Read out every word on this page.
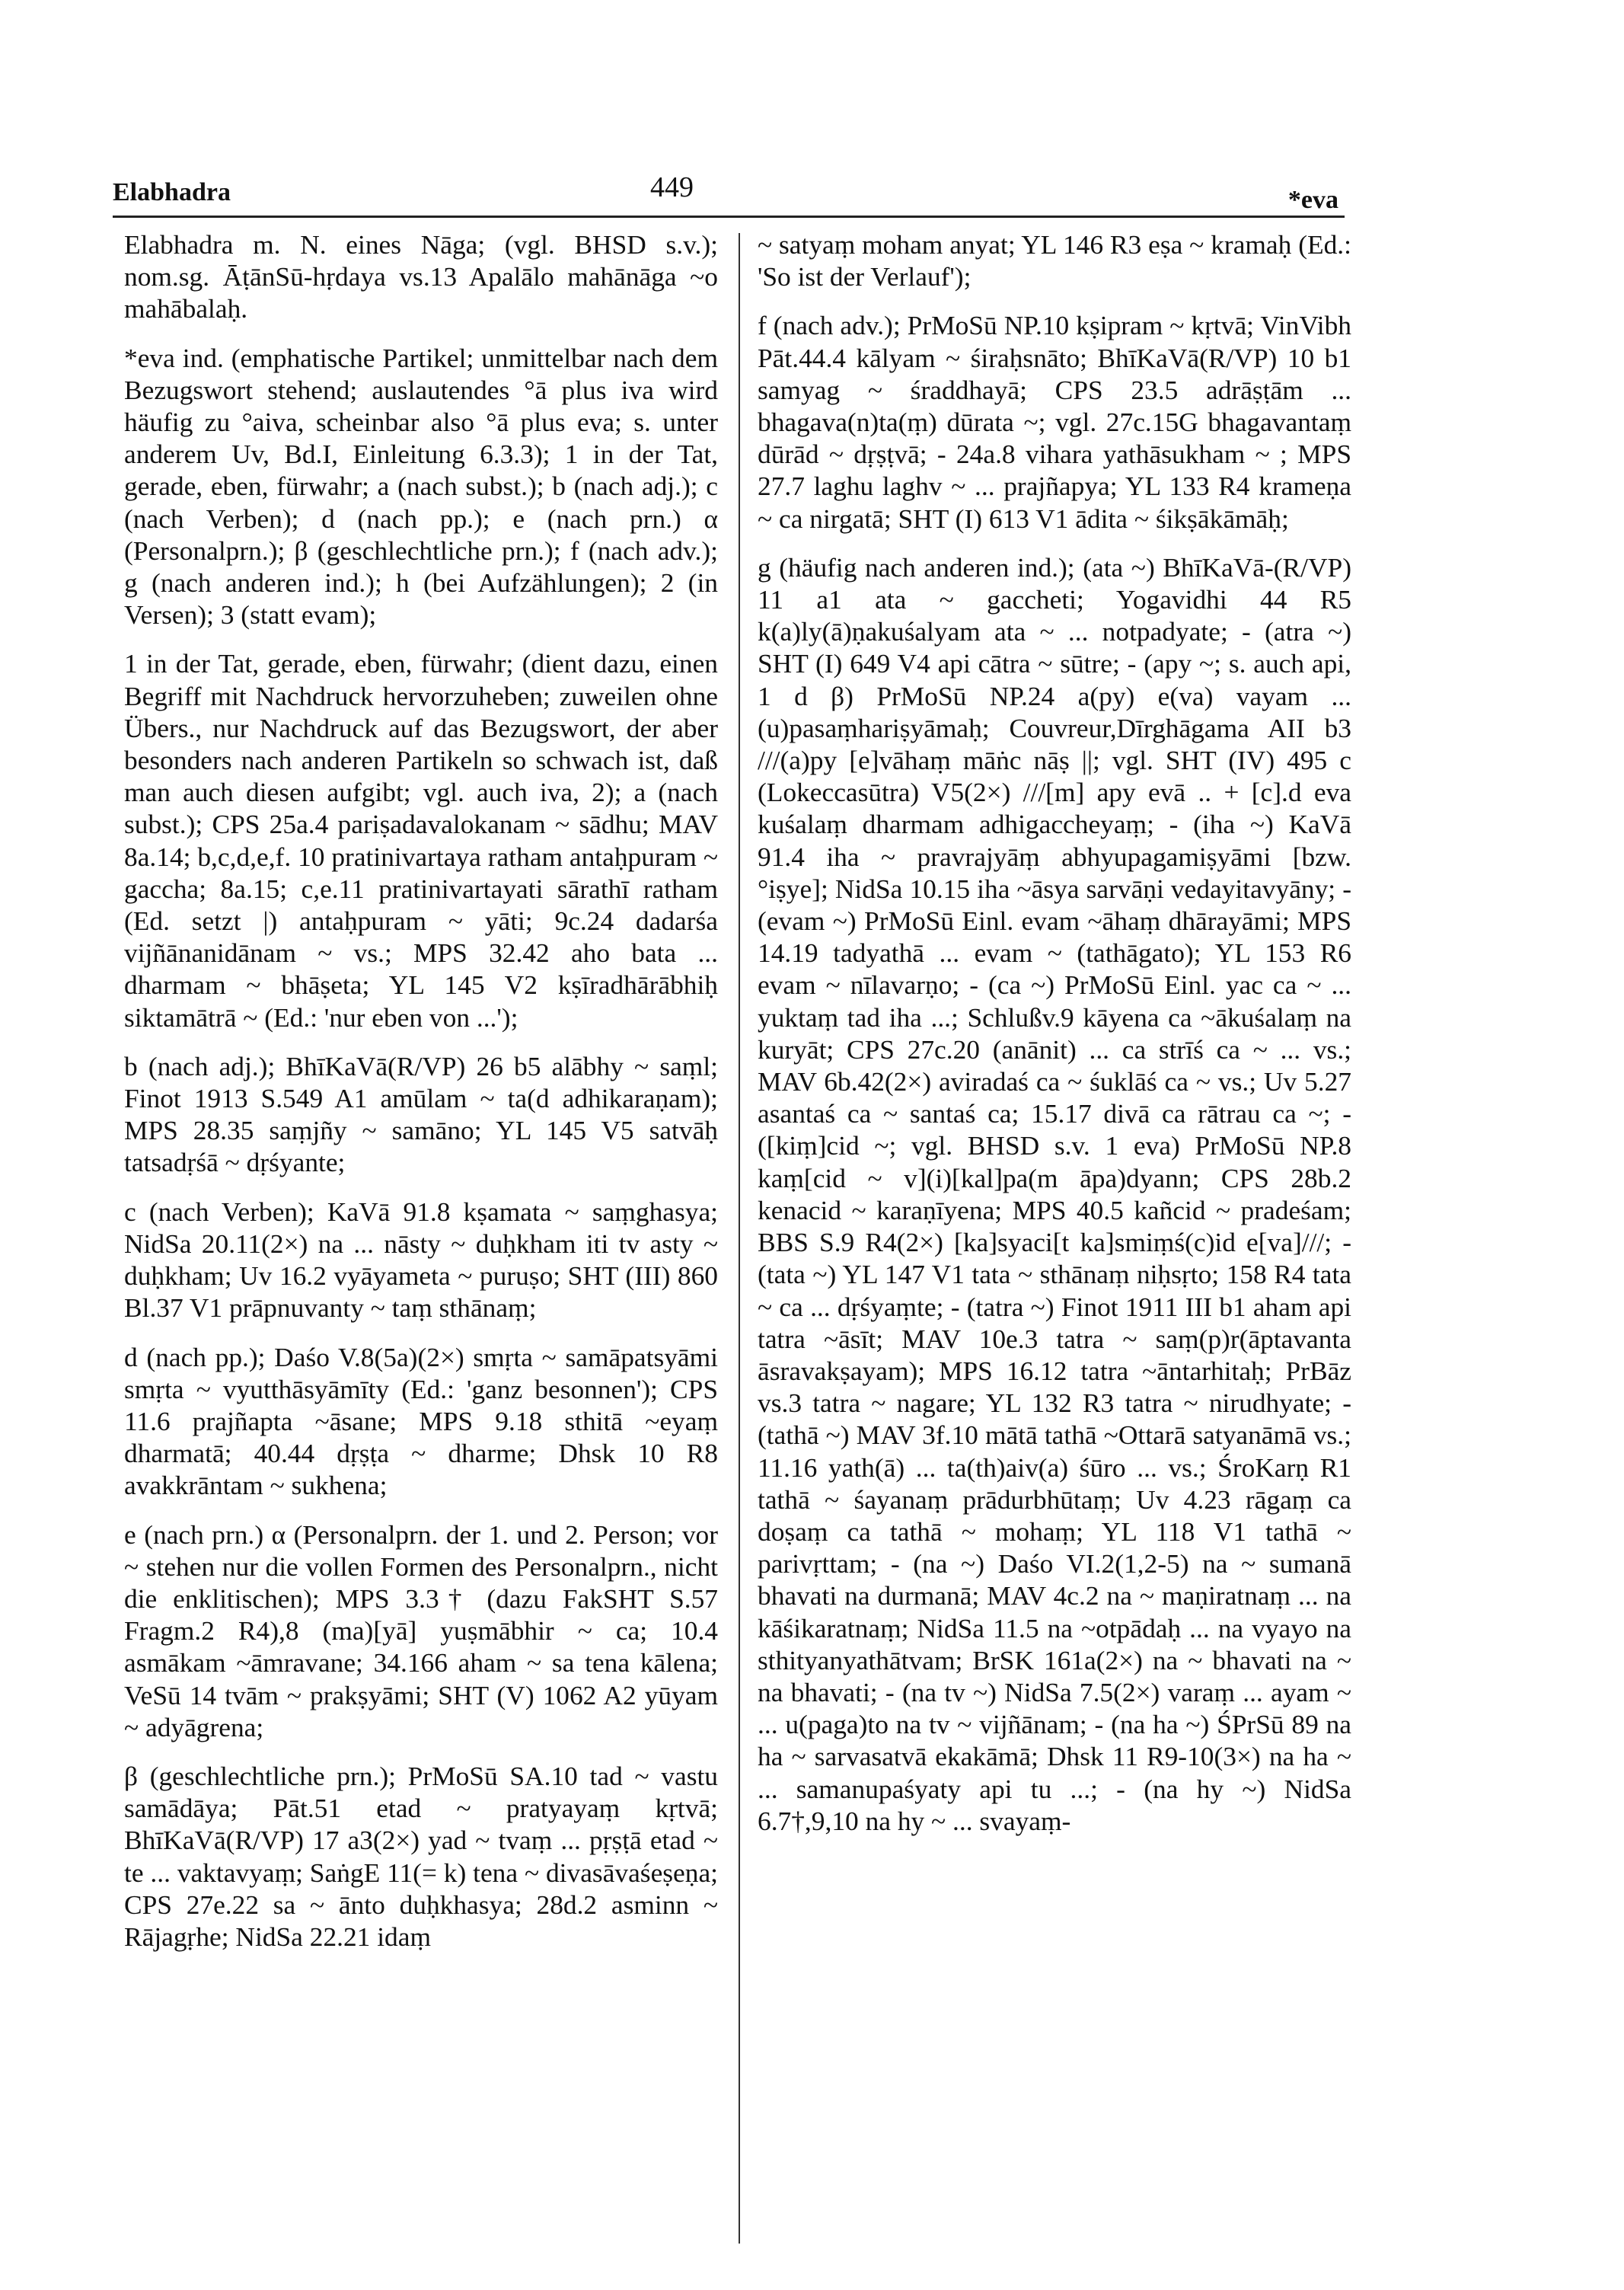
Elabhadra	449	*eva

Elabhadra m. N. eines Nāga; (vgl. BHSD s.v.); nom.sg. ĀṭānSū-hṛdaya vs.13 Apalālo mahānāga ~o mahābalaḥ.

*eva ind. (emphatische Partikel; unmittelbar nach dem Bezugswort stehend; auslautendes °ā plus iva wird häufig zu °aiva, scheinbar also °ā plus eva; s. unter anderem Uv, Bd.I, Einleitung 6.3.3); 1 in der Tat, gerade, eben, fürwahr; a (nach subst.); b (nach adj.); c (nach Verben); d (nach pp.); e (nach prn.) α (Personalprn.); β (geschlechtliche prn.); f (nach adv.); g (nach anderen ind.); h (bei Aufzählungen); 2 (in Versen); 3 (statt evam);

1 in der Tat, gerade, eben, fürwahr; (dient dazu, einen Begriff mit Nachdruck hervorzuheben; zuweilen ohne Übers., nur Nachdruck auf das Bezugswort, der aber besonders nach anderen Partikeln so schwach ist, daß man auch diesen aufgibt; vgl. auch iva, 2); a (nach subst.); CPS 25a.4 pariṣadavalokanam ~ sādhu; MAV 8a.14; b,c,d,e,f. 10 pratinivartaya ratham antaḥpuram ~ gaccha; 8a.15; c,e.11 pratinivartayati sārathī ratham (Ed. setzt |) antaḥpuram ~ yāti; 9c.24 dadarśa vijñānanidānam ~ vs.; MPS 32.42 aho bata ... dharmam ~ bhāṣeta; YL 145 V2 kṣīradhārābhiḥ siktamātrā ~ (Ed.: 'nur eben von ...');

b (nach adj.); BhīKaVā(R/VP) 26 b5 alābhy ~ saṃl; Finot 1913 S.549 A1 amūlam ~ ta(d adhikaraṇam); MPS 28.35 saṃjñy ~ samāno; YL 145 V5 satvāḥ tatsadṛśā ~ dṛśyante;

c (nach Verben); KaVā 91.8 kṣamata ~ saṃghasya; NidSa 20.11(2×) na ... nāsty ~ duḥkham iti tv asty ~ duḥkham; Uv 16.2 vyāyameta ~ puruṣo; SHT (III) 860 Bl.37 V1 prāpnuvanty ~ taṃ sthānaṃ;

d (nach pp.); Daśo V.8(5a)(2×) smṛta ~ samāpatsyāmi smṛta ~ vyutthāsyāmīty (Ed.: 'ganz besonnen'); CPS 11.6 prajñapta ~āsane; MPS 9.18 sthitā ~eyaṃ dharmatā; 40.44 dṛṣṭa ~ dharme; Dhsk 10 R8 avakkrāntam ~ sukhena;

e (nach prn.) α (Personalprn. der 1. und 2. Person; vor ~ stehen nur die vollen Formen des Personalprn., nicht die enklitischen); MPS 3.3† (dazu FakSHT S.57 Fragm.2 R4),8 (ma)[yā] yuṣmābhir ~ ca; 10.4 asmākam ~āmravane; 34.166 aham ~ sa tena kālena; VeSū 14 tvām ~ prakṣyāmi; SHT (V) 1062 A2 yūyam ~ adyāgrena;

β (geschlechtliche prn.); PrMoSū SA.10 tad ~ vastu samādāya; Pāt.51 etad ~ pratyayaṃ kṛtvā; BhīKaVā(R/VP) 17 a3(2×) yad ~ tvaṃ ... pṛṣṭā etad ~ te ... vaktavyaṃ; SaṅgE 11(= k) tena ~ divasāvaśeṣeṇa; CPS 27e.22 sa ~ ānto duḥkhasya; 28d.2 asminn ~ Rājagṛhe; NidSa 22.21 idaṃ

~ satyaṃ moham anyat; YL 146 R3 eṣa ~ kramaḥ (Ed.: 'So ist der Verlauf');

f (nach adv.); PrMoSū NP.10 kṣipram ~ kṛtvā; VinVibh Pāt.44.4 kālyam ~ śiraḥsnāto; BhīKaVā(R/VP) 10 b1 samyag ~ śraddhayā; CPS 23.5 adrāṣṭām ... bhagava(n)ta(ṃ) dūrata ~; vgl. 27c.15G bhagavantaṃ dūrād ~ dṛṣṭvā; - 24a.8 vihara yathāsukham ~ ; MPS 27.7 laghu laghv ~ ... prajñapya; YL 133 R4 krameṇa ~ ca nirgatā; SHT (I) 613 V1 ādita ~ śikṣākāmāḥ;

g (häufig nach anderen ind.); (ata ~) BhīKaVā-(R/VP) 11 a1 ata ~ gaccheti; Yogavidhi 44 R5 k(a)ly(ā)ṇakuśalyam ata ~ ... notpadyate; - (atra ~) SHT (I) 649 V4 api cātra ~ sūtre; - (apy ~; s. auch api, 1 d β) PrMoSū NP.24 a(py) e(va) vayam ... (u)pasaṃhariṣyāmaḥ; Couvreur,Dīrghāgama AII b3 ///(a)py [e]vāhaṃ māṅc nāṣ ||; vgl. SHT (IV) 495 c (Lokeccasūtra) V5(2×) ///[m] apy evā .. + [c].d eva kuśalaṃ dharmam adhigaccheyaṃ; - (iha ~) KaVā 91.4 iha ~ pravrajyāṃ abhyupagamiṣyāmi [bzw. °iṣye]; NidSa 10.15 iha ~āsya sarvāṇi vedayitavyāny; - (evam ~) PrMoSū Einl. evam ~āhaṃ dhārayāmi; MPS 14.19 tadyathā ... evam ~ (tathāgato); YL 153 R6 evam ~ nīlavarṇo; - (ca ~) PrMoSū Einl. yac ca ~ ... yuktaṃ tad iha ...; Schlußv.9 kāyena ca ~ākuśalaṃ na kuryāt; CPS 27c.20 (anānit) ... ca strīś ca ~ ... vs.; MAV 6b.42(2×) aviradaś ca ~ śuklāś ca ~ vs.; Uv 5.27 asantaś ca ~ santaś ca; 15.17 divā ca rātrau ca ~; - ([kiṃ]cid ~; vgl. BHSD s.v. 1 eva) PrMoSū NP.8 kaṃ[cid ~ v](i)[kal]pa(m āpa)dyann; CPS 28b.2 kenacid ~ karaṇīyena; MPS 40.5 kañcid ~ pradeśam; BBS S.9 R4(2×) [ka]syaci[t ka]smiṃś(c)id e[va]///; - (tata ~) YL 147 V1 tata ~ sthānaṃ niḥsṛto; 158 R4 tata ~ ca ... dṛśyaṃte; - (tatra ~) Finot 1911 III b1 aham api tatra ~āsīt; MAV 10e.3 tatra ~ saṃ(p)r(āptavanta āsravakṣayam); MPS 16.12 tatra ~āntarhitaḥ; PrBāz vs.3 tatra ~ nagare; YL 132 R3 tatra ~ nirudhyate; - (tathā ~) MAV 3f.10 mātā tathā ~Ottarā satyanāmā vs.; 11.16 yath(ā) ... ta(th)aiv(a) śūro ... vs.; ŚroKarṇ R1 tathā ~ śayanaṃ prādurbhūtaṃ; Uv 4.23 rāgaṃ ca doṣaṃ ca tathā ~ mohaṃ; YL 118 V1 tathā ~ parivṛttam; - (na ~) Daśo VI.2(1,2-5) na ~ sumanā bhavati na durmanā; MAV 4c.2 na ~ maṇiratnaṃ ... na kāśikaratnaṃ; NidSa 11.5 na ~otpādaḥ ... na vyayo na sthityanyathātvam; BrSK 161a(2×) na ~ bhavati na ~ na bhavati; - (na tv ~) NidSa 7.5(2×) varaṃ ... ayam ~ ... u(paga)to na tv ~ vijñānam; - (na ha ~) ŚPrSū 89 na ha ~ sarvasatvā ekakāmā; Dhsk 11 R9-10(3×) na ha ~ ... samanupaśyaty api tu ...; - (na hy ~) NidSa 6.7†,9,10 na hy ~ ... svayaṃ-
